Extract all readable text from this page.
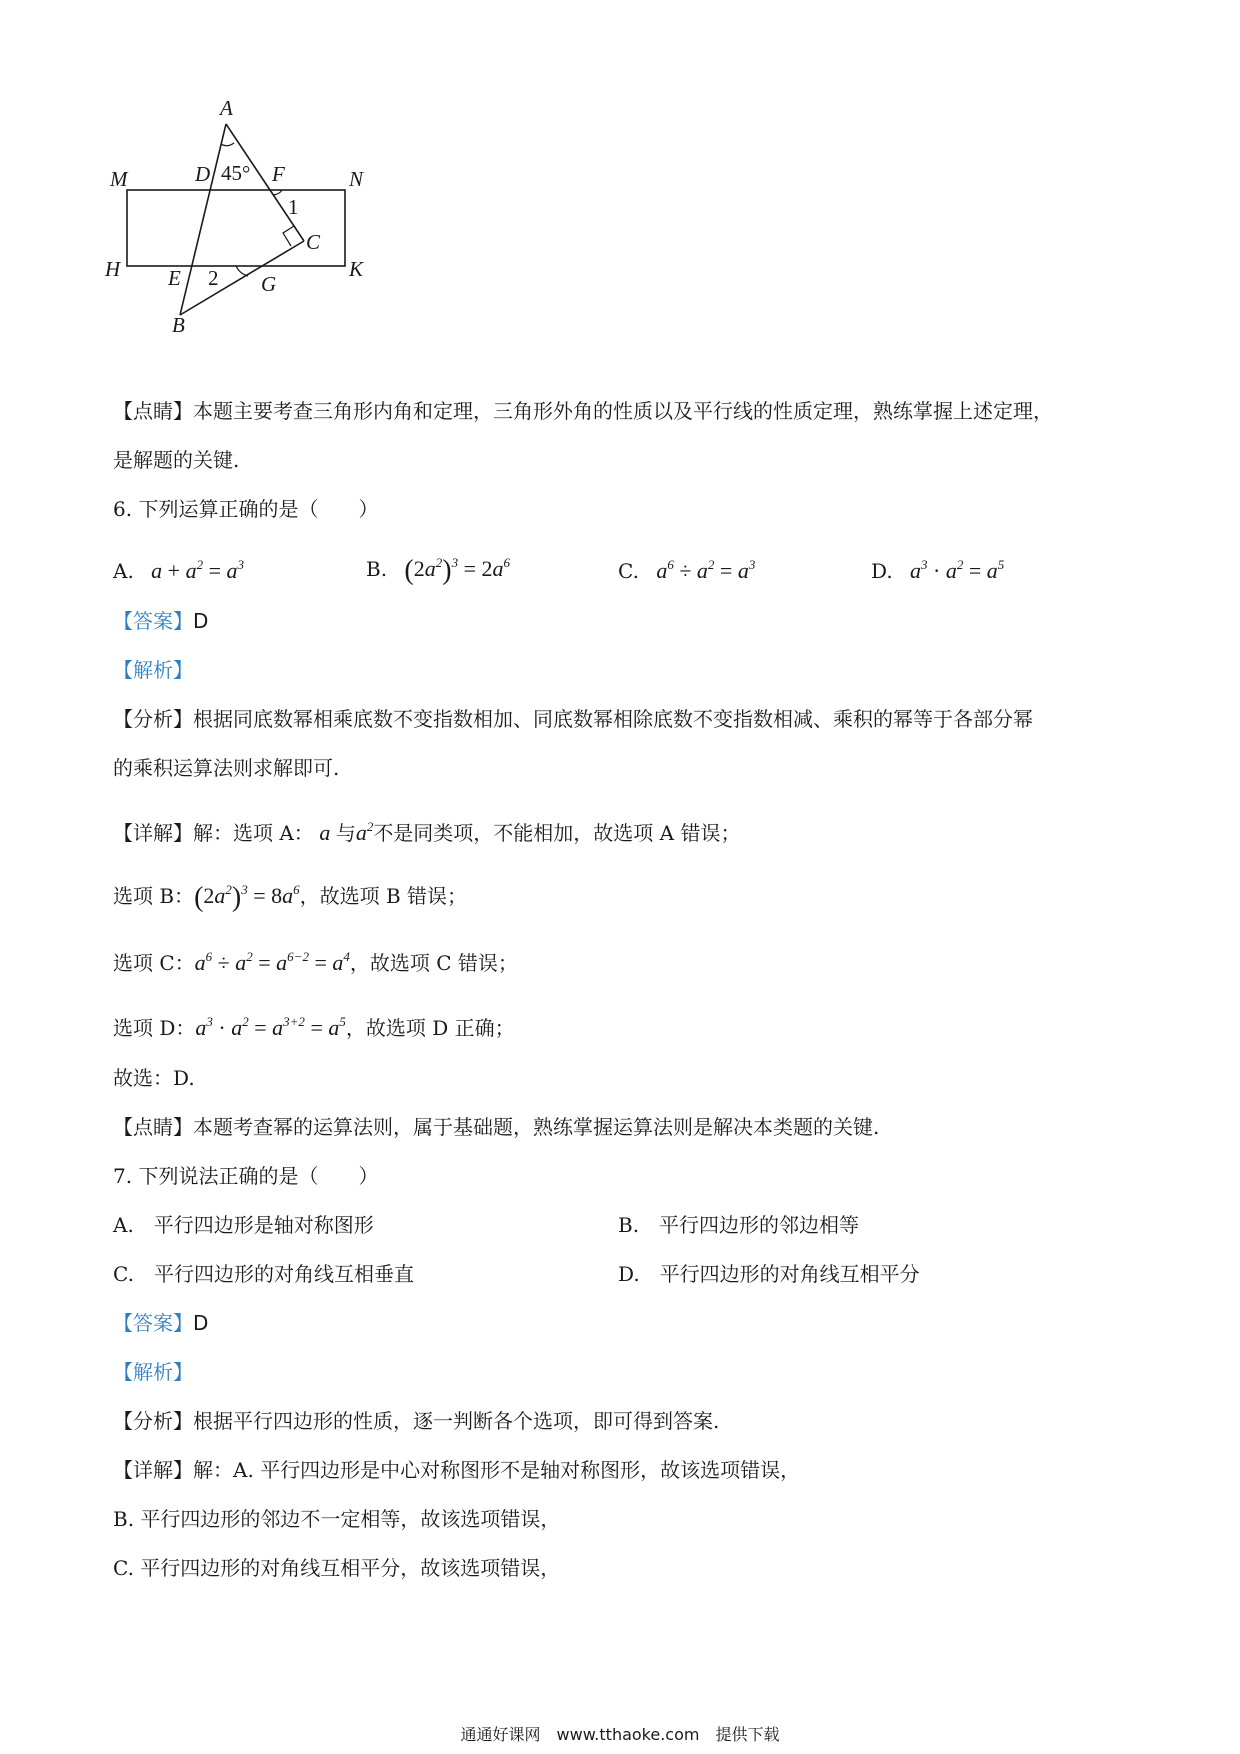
A
M	N
D	F
45°
1
C
H E 2 G
K
B
【点睛】本题主要考查三角形内角和定理，三角形外角的性质以及平行线的性质定理，熟练掌握上述定理，
是解题的关键.
6. 下列运算正确的是（　　）
A.   $a + a^2 = a^3$	B. $(2a^2)^3 = 2a^6$	C.   $a^6 \div a^2 = a^3$	D.   $a^3 \cdot a^2 = a^5$
【答案】D
【解析】
【分析】根据同底数幂相乘底数不变指数相加、同底数幂相除底数不变指数相减、乘积的幂等于各部分幂
的乘积运算法则求解即可.
【详解】解：选项 A： a 与$a^2$不是同类项，不能相加，故选项 A 错误；
选项 B：$(2a^2)^3 = 8a^6$，故选项 B 错误；
选项 C：$a^6 \div a^2 = a^{6-2} = a^4$，故选项 C 错误；
选项 D：$a^3 \cdot a^2 = a^{3+2} = a^5$，故选项 D 正确；
故选：D.
【点睛】本题考查幂的运算法则，属于基础题，熟练掌握运算法则是解决本类题的关键.
7. 下列说法正确的是（　　）
A.　平行四边形是轴对称图形	B.　平行四边形的邻边相等
C.　平行四边形的对角线互相垂直	D.　平行四边形的对角线互相平分
【答案】D
【解析】
【分析】根据平行四边形的性质，逐一判断各个选项，即可得到答案.
【详解】解：A. 平行四边形是中心对称图形不是轴对称图形，故该选项错误，
B. 平行四边形的邻边不一定相等，故该选项错误，
C. 平行四边形的对角线互相平分，故该选项错误，
通通好课网　www.tthaoke.com　提供下载
